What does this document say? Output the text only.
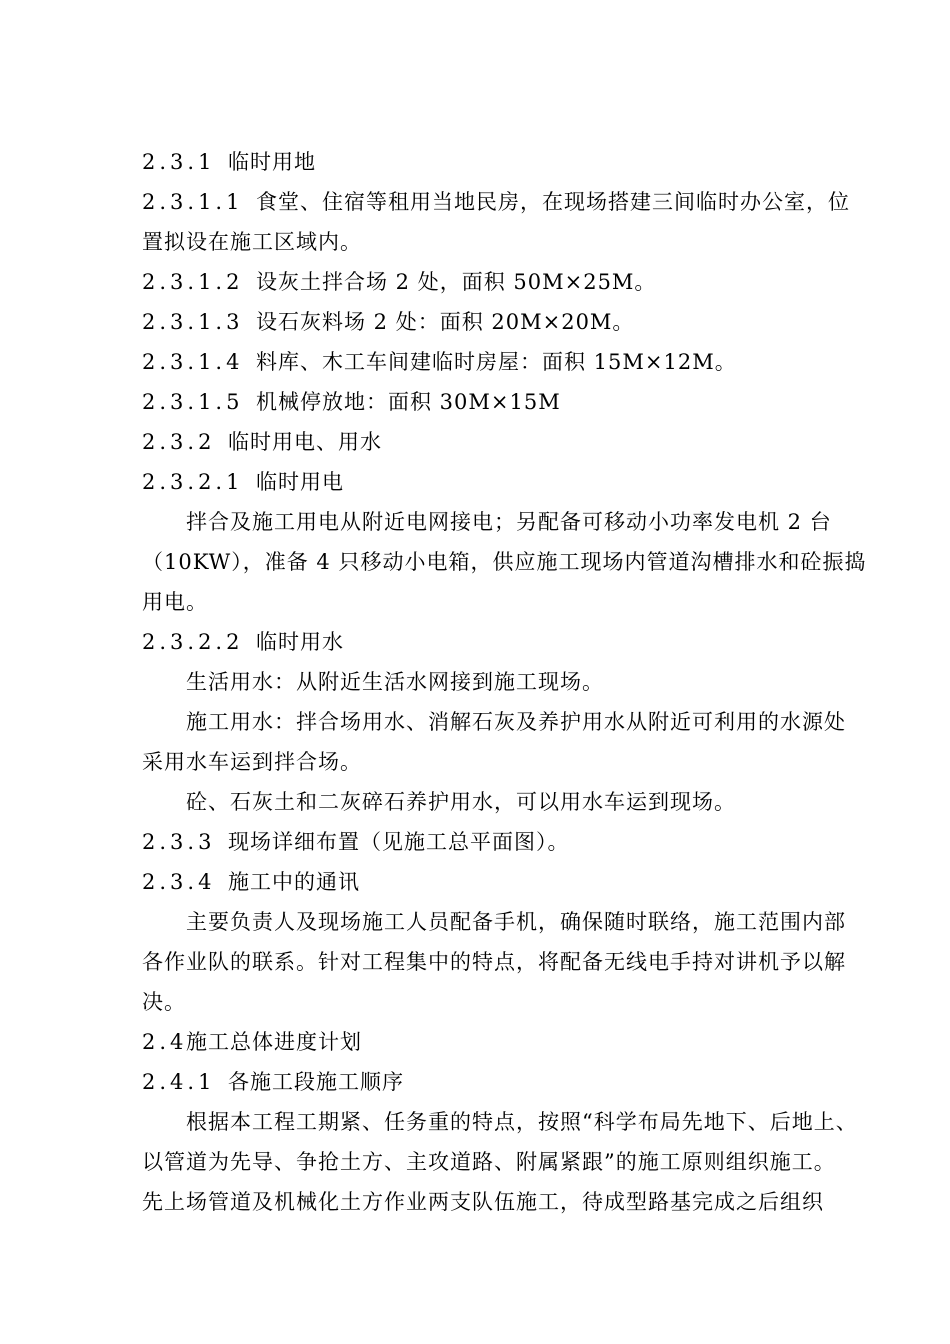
2.3.1 临时用地
2.3.1.1 食堂、住宿等租用当地民房，在现场搭建三间临时办公室，位
置拟设在施工区域内。
2.3.1.2 设灰土拌合场 2 处，面积 50M×25M。
2.3.1.3 设石灰料场 2 处：面积 20M×20M。
2.3.1.4 料库、木工车间建临时房屋：面积 15M×12M。
2.3.1.5 机械停放地：面积 30M×15M
2.3.2 临时用电、用水
2.3.2.1 临时用电
拌合及施工用电从附近电网接电；另配备可移动小功率发电机 2 台
（10KW），准备 4 只移动小电箱，供应施工现场内管道沟槽排水和砼振捣
用电。
2.3.2.2 临时用水
生活用水：从附近生活水网接到施工现场。
施工用水：拌合场用水、消解石灰及养护用水从附近可利用的水源处
采用水车运到拌合场。
砼、石灰土和二灰碎石养护用水，可以用水车运到现场。
2.3.3 现场详细布置（见施工总平面图）。
2.3.4 施工中的通讯
主要负责人及现场施工人员配备手机，确保随时联络，施工范围内部
各作业队的联系。针对工程集中的特点，将配备无线电手持对讲机予以解
决。
2.4施工总体进度计划
2.4.1 各施工段施工顺序
根据本工程工期紧、任务重的特点，按照“科学布局先地下、后地上、
以管道为先导、争抢土方、主攻道路、附属紧跟”的施工原则组织施工。
先上场管道及机械化土方作业两支队伍施工，待成型路基完成之后组织
